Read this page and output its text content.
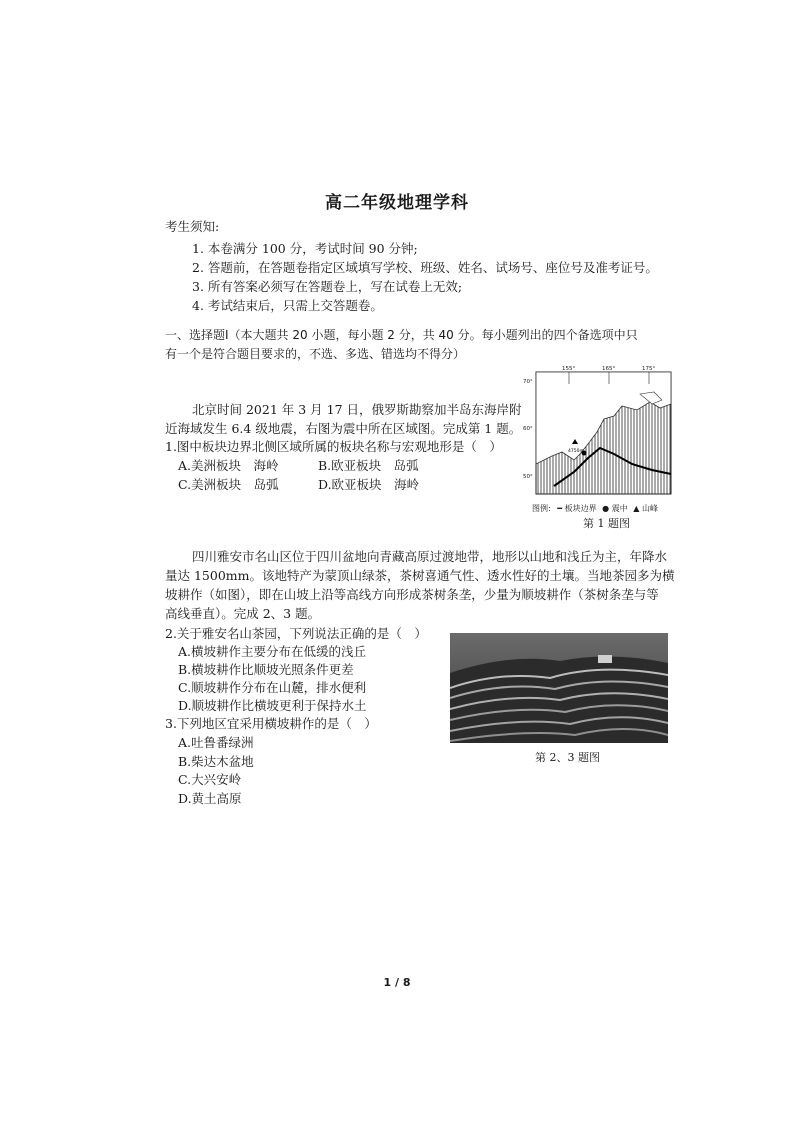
高二年级地理学科
考生须知:
1. 本卷满分 100 分，考试时间 90 分钟;
2. 答题前，在答题卷指定区域填写学校、班级、姓名、试场号、座位号及准考证号。
3. 所有答案必须写在答题卷上，写在试卷上无效;
4. 考试结束后，只需上交答题卷。
一、选择题Ⅰ（本大题共 20 小题，每小题 2 分，共 40 分。每小题列出的四个备选项中只
有一个是符合题目要求的，不选、多选、错选均不得分）
北京时间 2021 年 3 月 17 日，俄罗斯勘察加半岛东海岸附
近海域发生 6.4 级地震，右图为震中所在区域图。完成第 1 题。
1.图中板块边界北侧区域所属的板块名称与宏观地形是（　）
A.美洲板块　海岭	B.欧亚板块　岛弧
C.美洲板块　岛弧	D.欧亚板块　海岭
4750m
155°	165°	175°
70°
60°
50°
图例: ━ 板块边界 ● 震中 ▲ 山峰
第 1 题图
四川雅安市名山区位于四川盆地向青藏高原过渡地带，地形以山地和浅丘为主，年降水
量达 1500mm。该地特产为蒙顶山绿茶，茶树喜通气性、透水性好的土壤。当地茶园多为横
坡耕作（如图），即在山坡上沿等高线方向形成茶树条垄，少量为顺坡耕作（茶树条垄与等
高线垂直）。完成 2、3 题。
2.关于雅安名山茶园，下列说法正确的是（　）
A.横坡耕作主要分布在低缓的浅丘
B.横坡耕作比顺坡光照条件更差
C.顺坡耕作分布在山麓，排水便利
D.顺坡耕作比横坡更利于保持水土
3.下列地区宜采用横坡耕作的是（　）
A.吐鲁番绿洲
B.柴达木盆地
C.大兴安岭
D.黄土高原
第 2、3 题图
1 / 8
